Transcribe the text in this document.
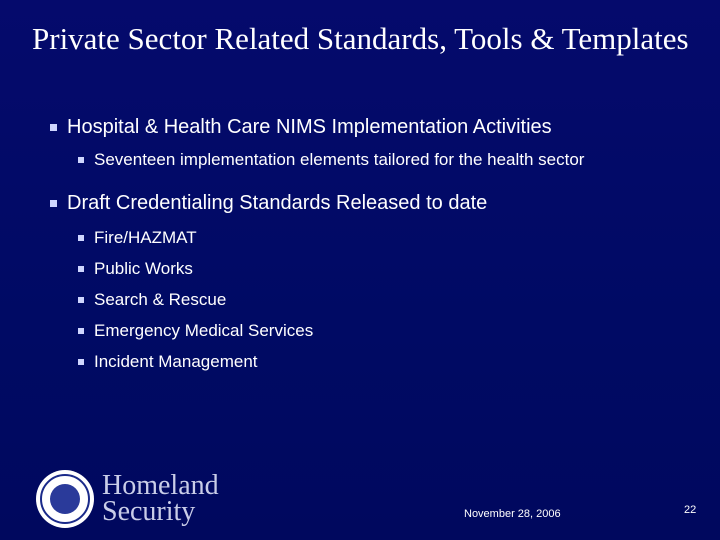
Private Sector Related Standards, Tools & Templates
Hospital & Health Care NIMS Implementation Activities
Seventeen implementation elements tailored for the health sector
Draft Credentialing Standards Released to date
Fire/HAZMAT
Public Works
Search & Rescue
Emergency Medical Services
Incident Management
Homeland
Security	November 28, 2006	22
